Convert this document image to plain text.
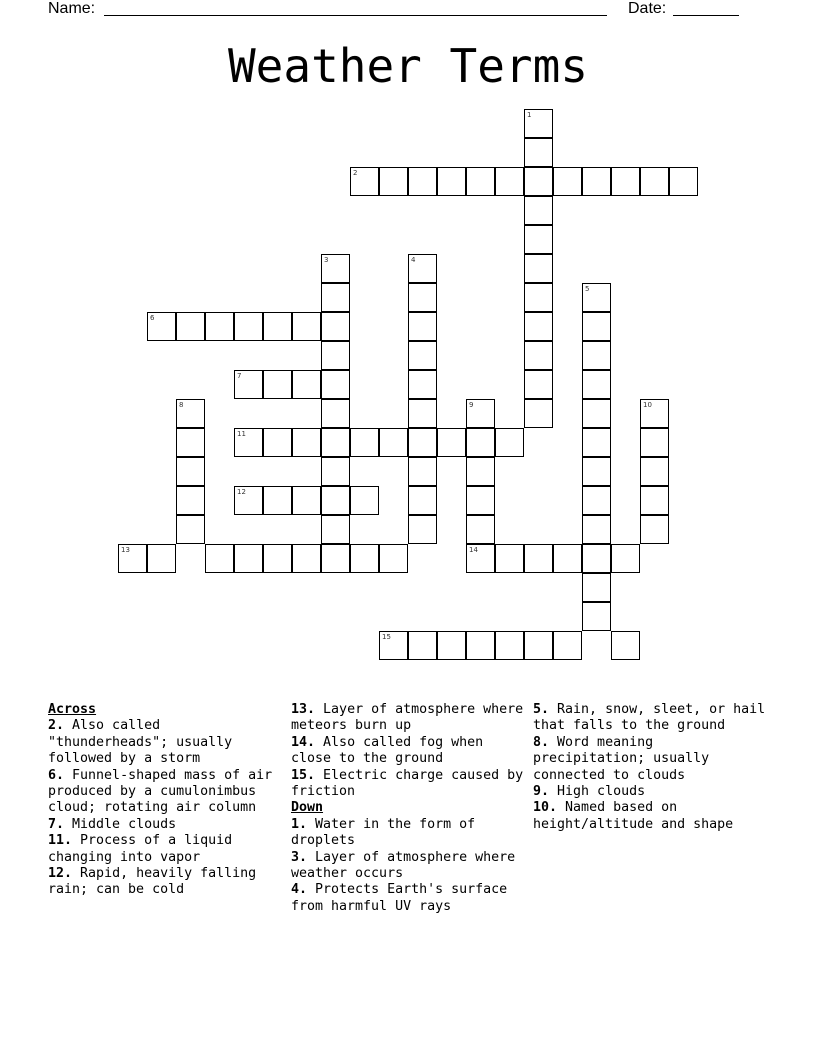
Name:	Date:
Weather Terms
1
2
3	4
5
6
7
8	9	10
11
12
13	14
15
Across
2. Also called "thunderheads"; usually followed by a storm
6. Funnel-shaped mass of air produced by a cumulonimbus cloud; rotating air column
7. Middle clouds
11. Process of a liquid changing into vapor
12. Rapid, heavily falling rain; can be cold
13. Layer of atmosphere where meteors burn up
14. Also called fog when close to the ground
15. Electric charge caused by friction
Down
1. Water in the form of droplets
3. Layer of atmosphere where weather occurs
4. Protects Earth's surface from harmful UV rays
5. Rain, snow, sleet, or hail that falls to the ground
8. Word meaning precipitation; usually connected to clouds
9. High clouds
10. Named based on height/altitude and shape
